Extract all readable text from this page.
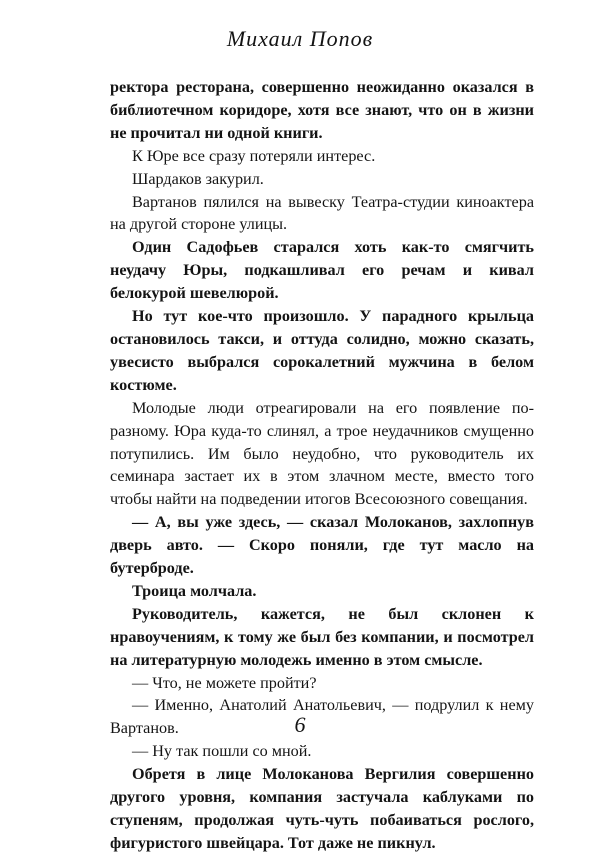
Михаил Попов

ректора ресторана, совершенно неожиданно оказался в библиотечном коридоре, хотя все знают, что он в жизни не прочитал ни одной книги.

К Юре все сразу потеряли интерес.

Шардаков закурил.

Вартанов пялился на вывеску Театра-студии киноактера на другой стороне улицы.

Один Садофьев старался хоть как-то смягчить неудачу Юры, подкашливал его речам и кивал белокурой шевелюрой.

Но тут кое-что произошло. У парадного крыльца остановилось такси, и оттуда солидно, можно сказать, увесисто выбрался сорокалетний мужчина в белом костюме.

Молодые люди отреагировали на его появление по-разному. Юра куда-то слинял, а трое неудачников смущенно потупились. Им было неудобно, что руководитель их семинара застает их в этом злачном месте, вместо того чтобы найти на подведении итогов Всесоюзного совещания.

— А, вы уже здесь, — сказал Молоканов, захлопнув дверь авто. — Скоро поняли, где тут масло на бутерброде.

Троица молчала.

Руководитель, кажется, не был склонен к нравоучениям, к тому же был без компании, и посмотрел на литературную молодежь именно в этом смысле.

— Что, не можете пройти?

— Именно, Анатолий Анатольевич, — подрулил к нему Вартанов.

— Ну так пошли со мной.

Обретя в лице Молоканова Вергилия совершенно другого уровня, компания застучала каблуками по ступеням, продолжая чуть-чуть побаиваться рослого, фигуристого швейцара. Тот даже не пикнул.

6
